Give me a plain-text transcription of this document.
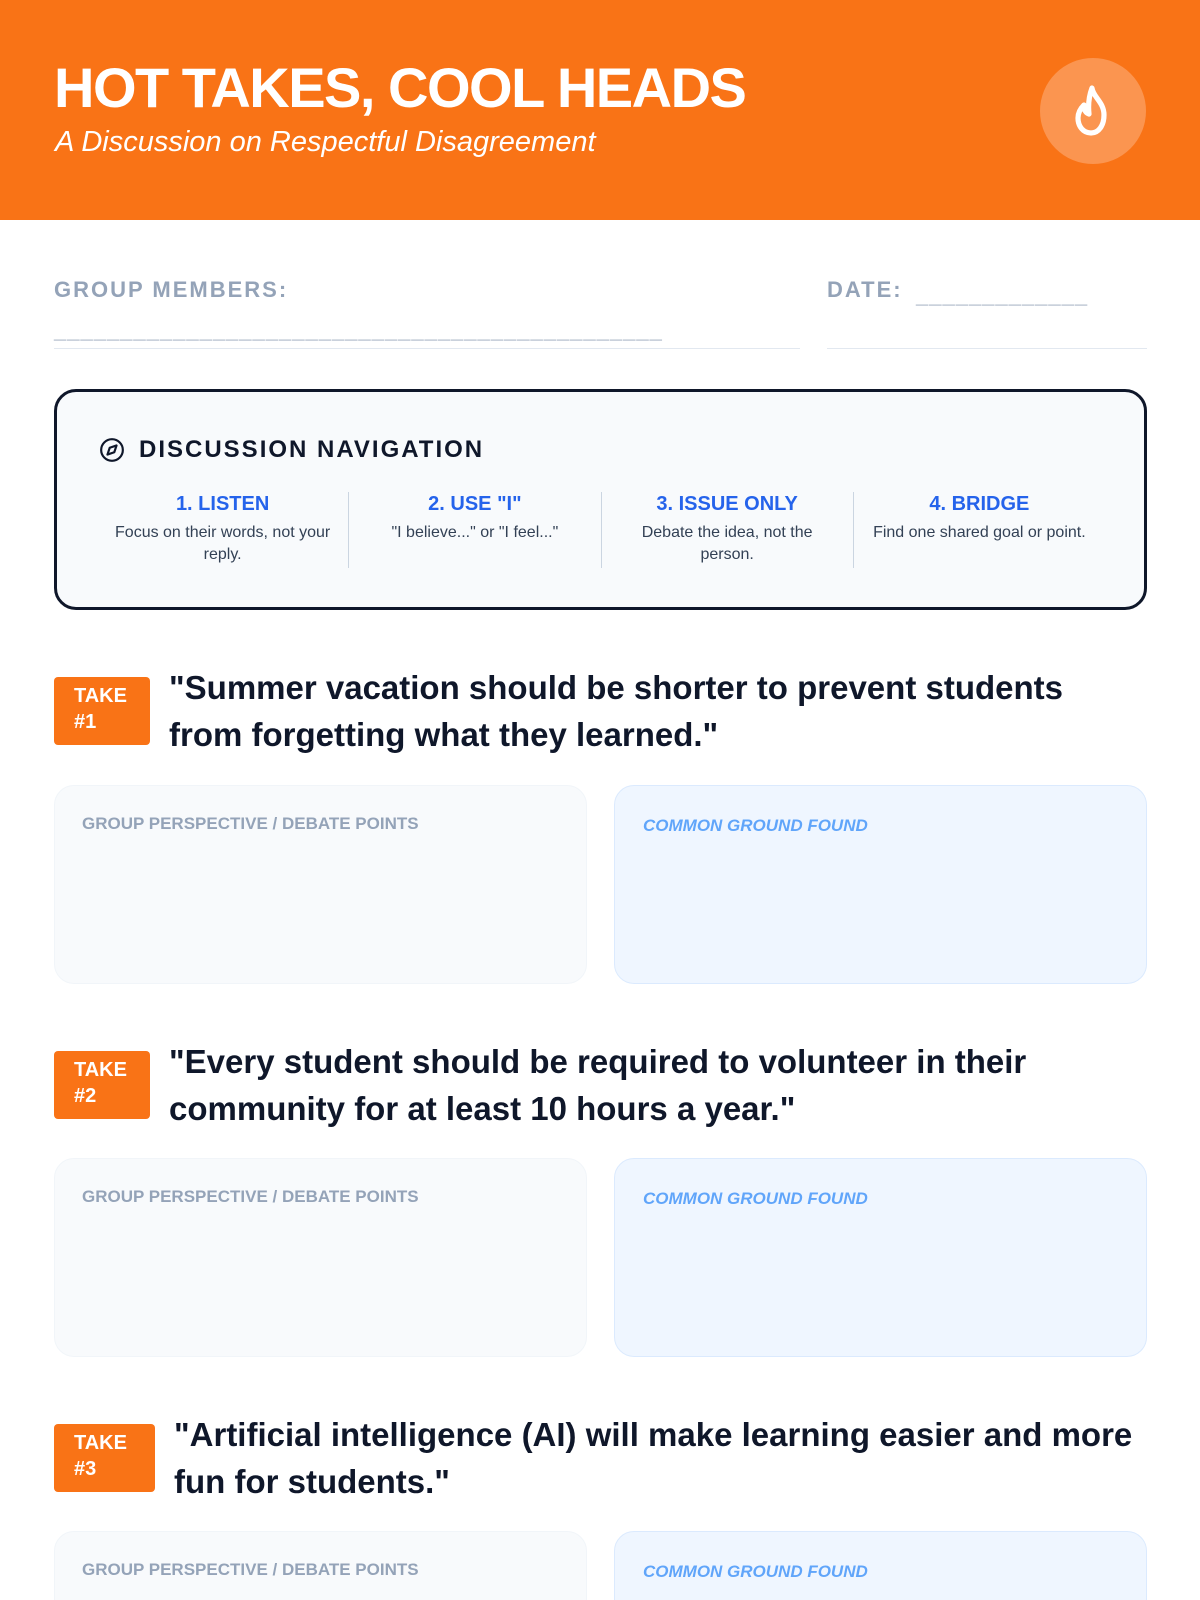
HOT TAKES, COOL HEADS
A Discussion on Respectful Disagreement
GROUP MEMBERS:
______________________________________________
DATE: _____________
DISCUSSION NAVIGATION
1. LISTEN
Focus on their words, not your reply.
2. USE "I"
"I believe..." or "I feel..."
3. ISSUE ONLY
Debate the idea, not the person.
4. BRIDGE
Find one shared goal or point.
TAKE
#1
"Summer vacation should be shorter to prevent students from forgetting what they learned."
GROUP PERSPECTIVE / DEBATE POINTS	COMMON GROUND FOUND
TAKE
#2
"Every student should be required to volunteer in their community for at least 10 hours a year."
GROUP PERSPECTIVE / DEBATE POINTS	COMMON GROUND FOUND
TAKE
#3
"Artificial intelligence (AI) will make learning easier and more fun for students."
GROUP PERSPECTIVE / DEBATE POINTS	COMMON GROUND FOUND
